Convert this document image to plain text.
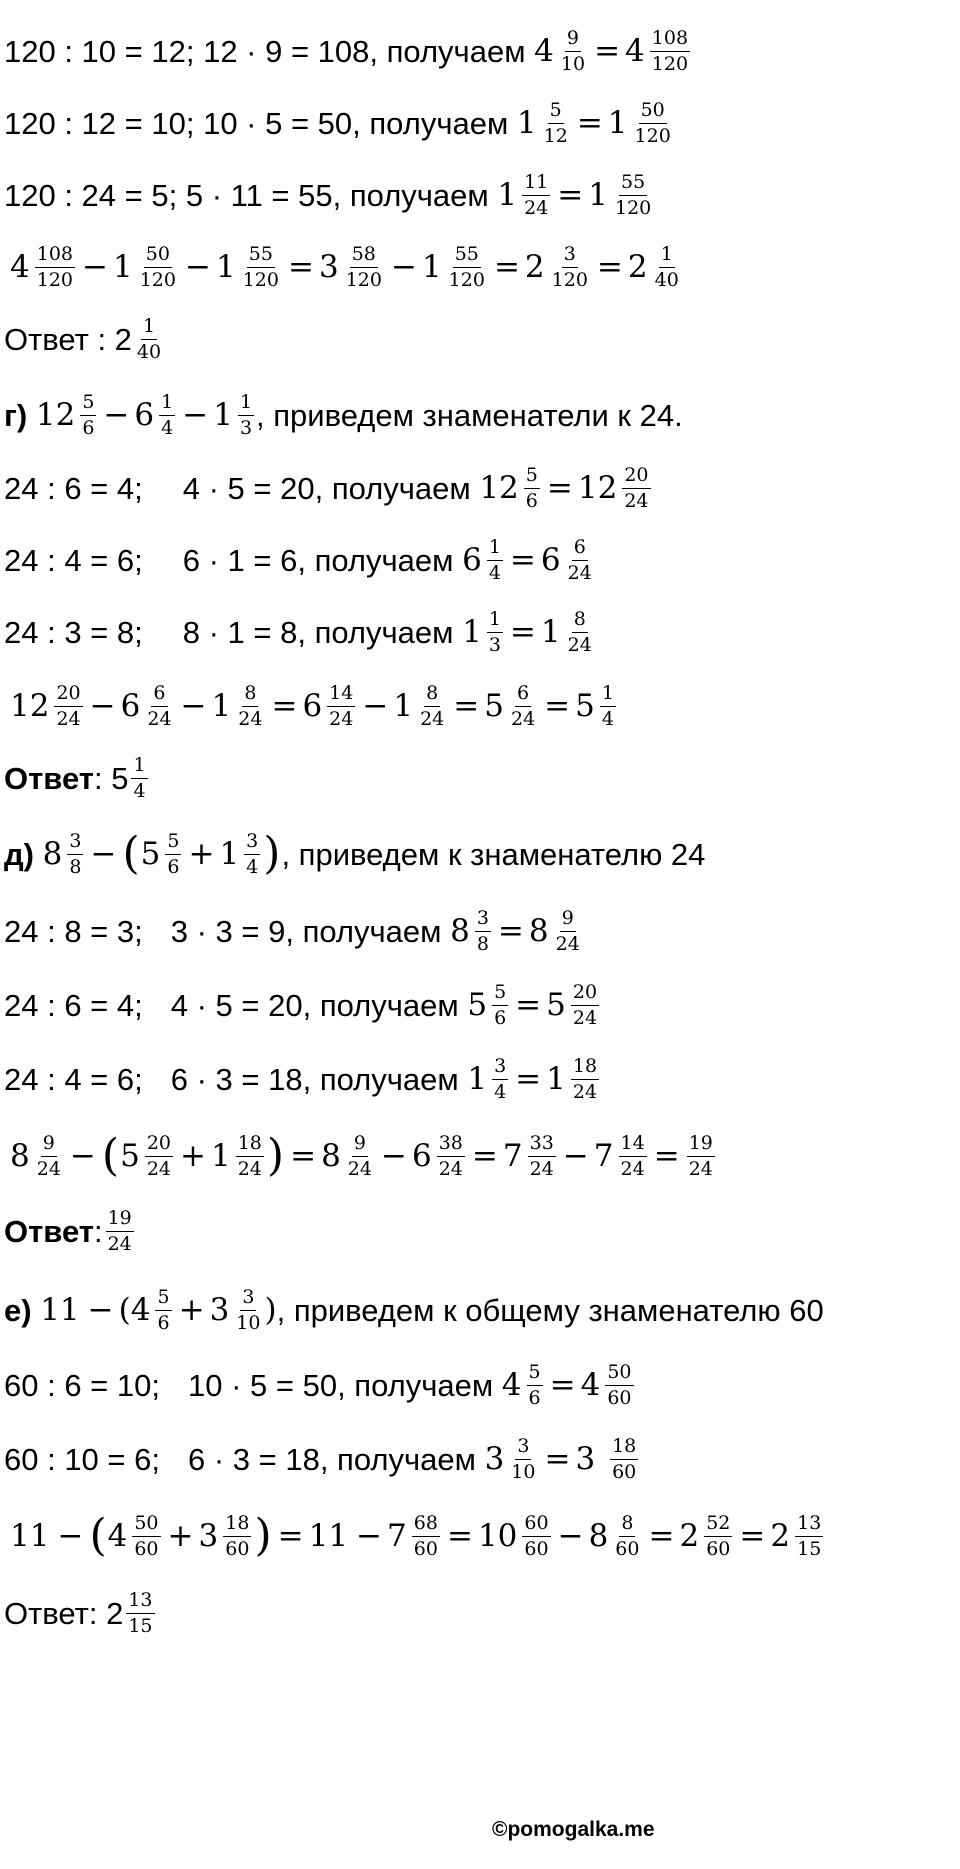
120 : 10 = 12; 12 · 9 = 108, получаем
$4 \frac{9}{10} = 4 \frac{108}{120}$
120 : 12 = 10; 10 · 5 = 50, получаем
$1 \frac{5}{12} = 1 \frac{50}{120}$
120 : 24 = 5; 5 · 11 = 55, получаем
$1 \frac{11}{24} = 1 \frac{55}{120}$
$4 \frac{108}{120} - 1 \frac{50}{120} - 1 \frac{55}{120} = 3 \frac{58}{120} - 1 \frac{55}{120} = 2 \frac{3}{120} = 2 \frac{1}{40}$
Ответ : $2 \frac{1}{40}$
г)
$12 \frac{5}{6} - 6 \frac{1}{4} - 1 \frac{1}{3}$ , приведем знаменатели к 24.
24 : 6 = 4; 4 · 5 = 20, получаем
$12 \frac{5}{6} = 12 \frac{20}{24}$
24 : 4 = 6; 6 · 1 = 6, получаем
$6 \frac{1}{4} = 6 \frac{6}{24}$
24 : 3 = 8; 8 · 1 = 8, получаем
$1 \frac{1}{3} = 1 \frac{8}{24}$
$12 \frac{20}{24} - 6 \frac{6}{24} - 1 \frac{8}{24} = 6 \frac{14}{24} - 1 \frac{8}{24} = 5 \frac{6}{24} = 5 \frac{1}{4}$
Ответ : $5 \frac{1}{4}$
д)
$8 \frac{3}{8}$ − ( $5 \frac{5}{6} + 1 \frac{3}{4}$ ) , приведем к знаменателю 24
24 : 8 = 3; 3 · 3 = 9, получаем
$8 \frac{3}{8} = 8 \frac{9}{24}$
24 : 6 = 4; 4 · 5 = 20, получаем
$5 \frac{5}{6} = 5 \frac{20}{24}$
24 : 4 = 6; 6 · 3 = 18, получаем
$1 \frac{3}{4} = 1 \frac{18}{24}$
$8 \frac{9}{24}$ − ( $5 \frac{20}{24} + 1 \frac{18}{24}$ ) = $8 \frac{9}{24} - 6 \frac{38}{24} = 7 \frac{33}{24} - 7 \frac{14}{24} = \frac{19}{24}$
Ответ : $\frac{19}{24}$
е)
11 − ( $4 \frac{5}{6} + 3 \frac{3}{10}$ ) , приведем к общему знаменателю 60
60 : 6 = 10; 10 · 5 = 50, получаем
$4 \frac{5}{6} = 4 \frac{50}{60}$
60 : 10 = 6; 6 · 3 = 18, получаем
$3 \frac{3}{10} = 3$
$\frac{18}{60}$
11 − ( $4 \frac{50}{60} + 3 \frac{18}{60}$ ) = $11 - 7 \frac{68}{60} = 10 \frac{60}{60} - 8 \frac{8}{60} = 2 \frac{52}{60} = 2 \frac{13}{15}$
Ответ: $2 \frac{13}{15}$
©pomogalka.me
